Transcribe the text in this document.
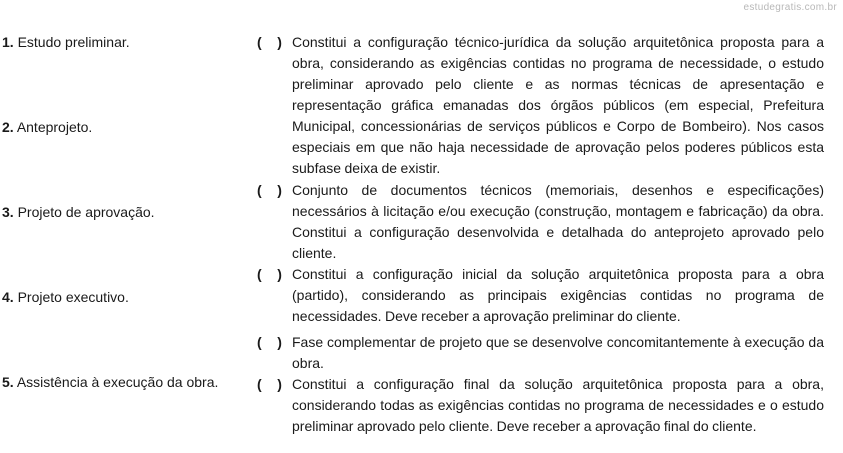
estudegratis.com.br
1. Estudo preliminar.
2. Anteprojeto.
3. Projeto de aprovação.
4. Projeto executivo.
5. Assistência à execução da obra.
(    ) Constitui a configuração técnico-jurídica da solução arquitetônica proposta para a obra, considerando as exigências contidas no programa de necessidade, o estudo preliminar aprovado pelo cliente e as normas técnicas de apresentação e representação gráfica emanadas dos órgãos públicos (em especial, Prefeitura Municipal, concessionárias de serviços públicos e Corpo de Bombeiro). Nos casos especiais em que não haja necessidade de aprovação pelos poderes públicos esta subfase deixa de existir.
(    ) Conjunto de documentos técnicos (memoriais, desenhos e especificações) necessários à licitação e/ou execução (construção, montagem e fabricação) da obra. Constitui a configuração desenvolvida e detalhada do anteprojeto aprovado pelo cliente.
(    ) Constitui a configuração inicial da solução arquitetônica proposta para a obra (partido), considerando as principais exigências contidas no programa de necessidades. Deve receber a aprovação preliminar do cliente.
(    ) Fase complementar de projeto que se desenvolve concomitantemente à execução da obra.
(    ) Constitui a configuração final da solução arquitetônica proposta para a obra, considerando todas as exigências contidas no programa de necessidades e o estudo preliminar aprovado pelo cliente. Deve receber a aprovação final do cliente.
